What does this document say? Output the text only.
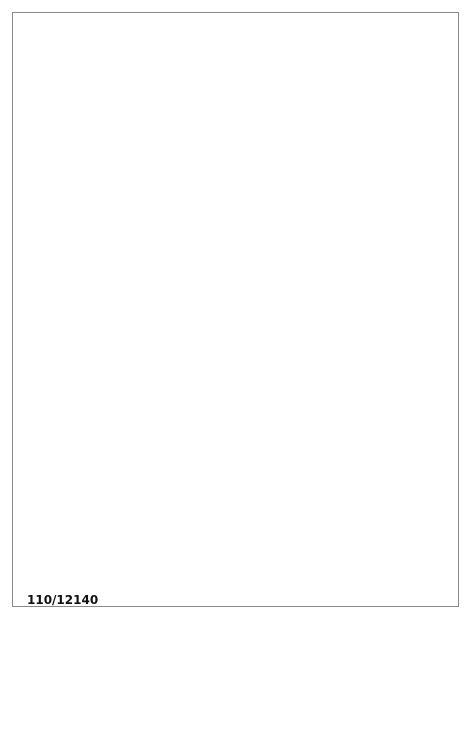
110/12140
